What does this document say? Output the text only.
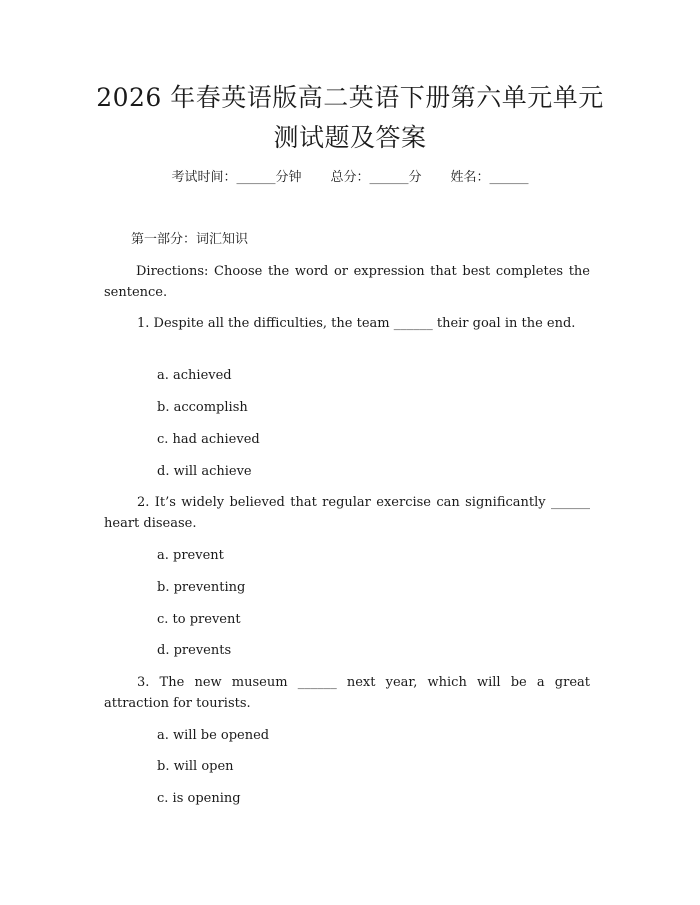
2026 年春英语版高二英语下册第六单元单元
测试题及答案
考试时间：______分钟 总分：______分 姓名：______
第一部分：词汇知识
Directions: Choose the word or expression that best completes the sentence.
1. Despite all the difficulties, the team ______ their goal in the end.
a. achieved
b. accomplish
c. had achieved
d. will achieve
2. It’s widely believed that regular exercise can significantly ______ heart disease.
a. prevent
b. preventing
c. to prevent
d. prevents
3. The new museum ______ next year, which will be a great attraction for tourists.
a. will be opened
b. will open
c. is opening
